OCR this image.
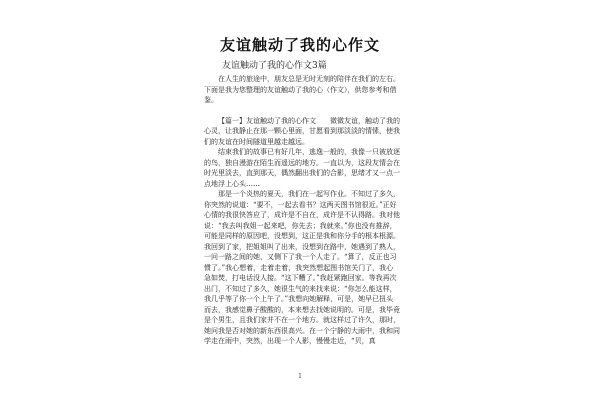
友谊触动了我的心作文
友谊触动了我的心作文3篇

在人生的旅途中，朋友总是无时无刻的陪伴在我们的左右。下面是我为您整理的友谊触动了我的心（作文），供您参考和借鉴。

【篇一】友谊触动了我的心作文　　微微友谊，触动了我的心灵，让我静止在那一颗心里面，甘愿看到那淡淡的情愫，使我们的友谊在时间隧道里越走越远。

结束我们的故事已有好几年，逃逸一般的，我像一只被放逐的鸟，独自漫游在陌生而遥远的地方。一直以为，这段友情会在时光里淡去，直到那天，偶然翻出我们的合影，思绪才又一点一点地浮上心头……

那是一个炎热的夏天，我们在一起写作业。不知过了多久，你突然的说道：“要不，一起去看书？这两天图书馆很近。”正好心情的我很快答应了，成许是不自在，成许是不认得路。我对他说：“我去叫我姐一起来吧，你先去；我就来。”你也没有推辞，可能是同样的原因吧，没想到，这正是我和你分手的根本根源。我回到了家，把姐姐叫了出来，没想到在路中，她遇到了熟人，一问一路之间的她，又侧下了我一个人走了。“算了，反正也习惯了。”我心想着，走着走着，我突然想起图书馆关门了，我心急如焚，打电话没人接。“这下糟了。”我赶紧跑回家。等我再次出门，不知过了多久，她很生气的来找来说：“你怎么能这样，我几乎等了你一个上午了。”我想向她解释，可是，她早已扭头而去，我感觉鼻子酸酸的，本来想去找她说明的。可是，我毕竟是个男生，且我们家并不在一个地方。就这样过了许久，那时，她问我是否对她的新东西很高兴。在一个宁静的大雨中，我和同学走在雨中，突然，出现一个人影，慢慢走近，“贝，真

1
